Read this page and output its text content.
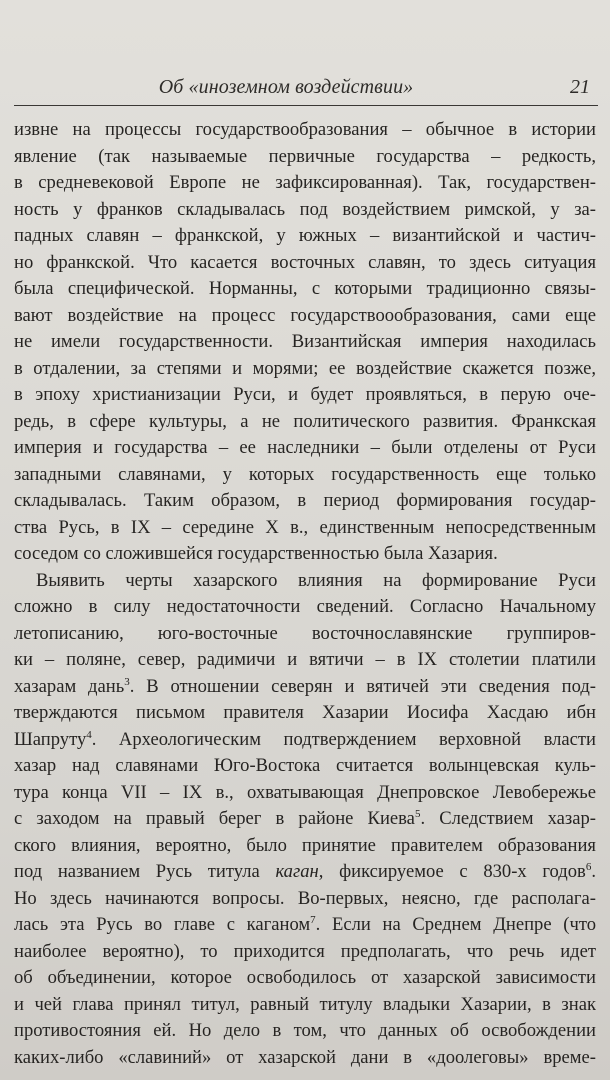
Об «иноземном воздействии»	21
извне на процессы государствообразования – обычное в истории
явление (так называемые первичные государства – редкость,
в средневековой Европе не зафиксированная). Так, государствен-
ность у франков складывалась под воздействием римской, у за-
падных славян – франкской, у южных – византийской и частич-
но франкской. Что касается восточных славян, то здесь ситуация
была специфической. Норманны, с которыми традиционно связы-
вают воздействие на процесс государствоoобразования, сами еще
не имели государственности. Византийская империя находилась
в отдалении, за степями и морями; ее воздействие скажется позже,
в эпоху христианизации Руси, и будет проявляться, в перую оче-
редь, в сфере культуры, а не политического развития. Франкская
империя и государства – ее наследники – были отделены от Руси
западными славянами, у которых государственность еще только
складывалась. Таким образом, в период формирования государ-
ства Русь, в IX – середине X в., единственным непосредственным
соседом со сложившейся государственностью была Хазария.
Выявить черты хазарского влияния на формирование Руси
сложно в силу недостаточности сведений. Согласно Начальному
летописанию, юго-восточные восточнославянские группиров-
ки – поляне, север, радимичи и вятичи – в IX столетии платили
хазарам дань$^3$. В отношении северян и вятичей эти сведения под-
тверждаются письмом правителя Хазарии Иосифа Хасдаю ибн
Шапруту$^4$. Археологическим подтверждением верховной власти
хазар над славянами Юго-Востока считается волынцевская куль-
тура конца VII – IX в., охватывающая Днепровское Левобережье
с заходом на правый берег в районе Киева$^5$. Следствием хазар-
ского влияния, вероятно, было принятие правителем образования
под названием Русь титула каган, фиксируемое с 830-х годов$^6$.
Но здесь начинаются вопросы. Во-первых, неясно, где располага-
лась эта Русь во главе с каганом$^7$. Если на Среднем Днепре (что
наиболее вероятно), то приходится предполагать, что речь идет
об объединении, которое освободилось от хазарской зависимости
и чей глава принял титул, равный титулу владыки Хазарии, в знак
противостояния ей. Но дело в том, что данных об освобождении
каких-либо «славиний» от хазарской дани в «доолеговы» време-
